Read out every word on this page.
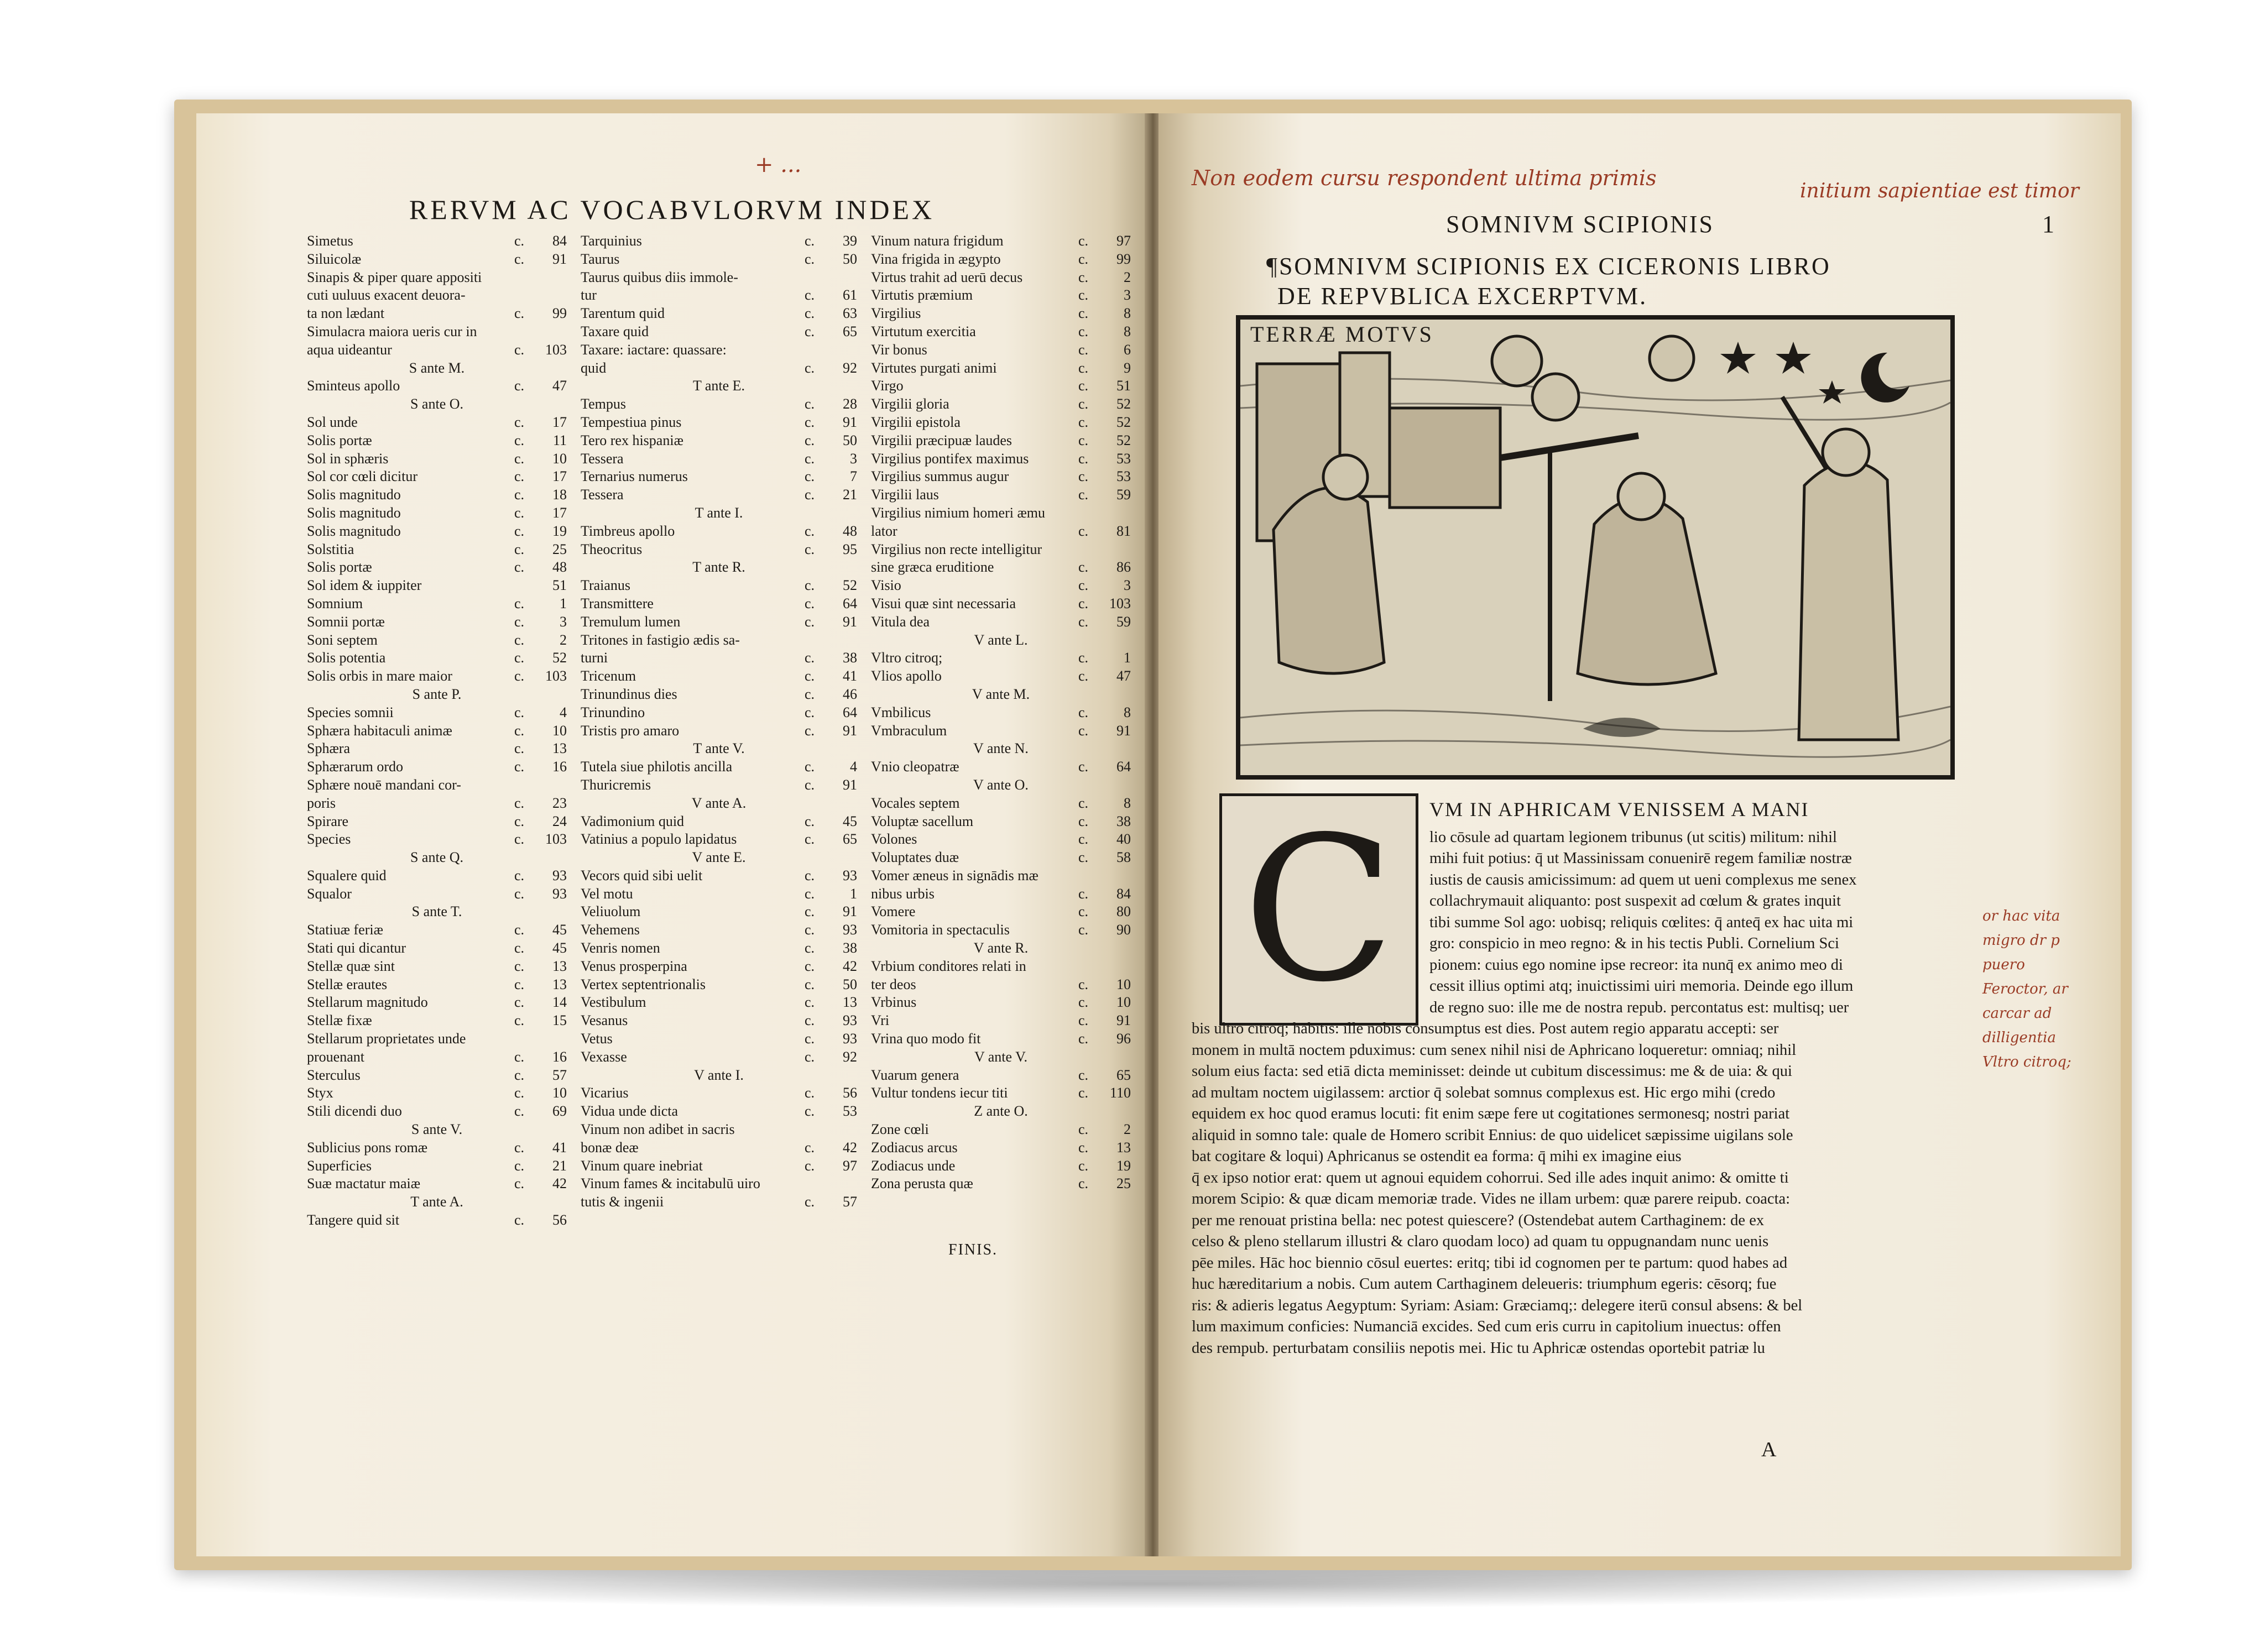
+ ...
RERVM AC VOCABVLORVM INDEX
Simetus	c.	84
Siluicolæ	c.	91
Sinapis & piper quare appositi
cuti uuluus exacent deuora-
ta non lædant	c.	99
Simulacra maiora ueris cur in
aqua uideantur	c.	103
S ante M.
Sminteus apollo	c.	47
S ante O.
Sol unde	c.	17
Solis portæ	c.	11
Sol in sphæris	c.	10
Sol cor cœli dicitur	c.	17
Solis magnitudo	c.	18
Solis magnitudo	c.	17
Solis magnitudo	c.	19
Solstitia	c.	25
Solis portæ	c.	48
Sol idem & iuppiter	51
Somnium	c.	1
Somnii portæ	c.	3
Soni septem	c.	2
Solis potentia	c.	52
Solis orbis in mare maior	c.	103
S ante P.
Species somnii	c.	4
Sphæra habitaculi animæ	c.	10
Sphæra	c.	13
Sphærarum ordo	c.	16
Sphære nouē mandani cor-
poris	c.	23
Spirare	c.	24
Species	c.	103
S ante Q.
Squalere quid	c.	93
Squalor	c.	93
S ante T.
Statiuæ feriæ	c.	45
Stati qui dicantur	c.	45
Stellæ quæ sint	c.	13
Stellæ erautes	c.	13
Stellarum magnitudo	c.	14
Stellæ fixæ	c.	15
Stellarum proprietates unde
prouenant	c.	16
Sterculus	c.	57
Styx	c.	10
Stili dicendi duo	c.	69
S ante V.
Sublicius pons romæ	c.	41
Superficies	c.	21
Suæ mactatur maiæ	c.	42
T ante A.
Tangere quid sit	c.	56
Tarquinius	c.	39
Taurus	c.	50
Taurus quibus diis immole-
tur	c.	61
Tarentum quid	c.	63
Taxare quid	c.	65
Taxare: iactare: quassare:
quid	c.	92
T ante E.
Tempus	c.	28
Tempestiua pinus	c.	91
Tero rex hispaniæ	c.	50
Tessera	c.	3
Ternarius numerus	c.	7
Tessera	c.	21
T ante I.
Timbreus apollo	c.	48
Theocritus	c.	95
T ante R.
Traianus	c.	52
Transmittere	c.	64
Tremulum lumen	c.	91
Tritones in fastigio ædis sa-
turni	c.	38
Tricenum	c.	41
Trinundinus dies	c.	46
Trinundino	c.	64
Tristis pro amaro	c.	91
T ante V.
Tutela siue philotis ancilla	c.	4
Thuricremis	c.	91
V ante A.
Vadimonium quid	c.	45
Vatinius a populo lapidatus	c.	65
V ante E.
Vecors quid sibi uelit	c.	93
Vel motu	c.	1
Veliuolum	c.	91
Vehemens	c.	93
Venris nomen	c.	38
Venus prosperpina	c.	42
Vertex septentrionalis	c.	50
Vestibulum	c.	13
Vesanus	c.	93
Vetus	c.	93
Vexasse	c.	92
V ante I.
Vicarius	c.	56
Vidua unde dicta	c.	53
Vinum non adibet in sacris
bonæ deæ	c.	42
Vinum quare inebriat	c.	97
Vinum fames & incitabulū uiro
tutis & ingenii	c.	57
Vinum natura frigidum	c.	97
Vina frigida in ægypto	c.	99
Virtus trahit ad uerū decus	c.	2
Virtutis præmium	c.	3
Virgilius	c.	8
Virtutum exercitia	c.	8
Vir bonus	c.	6
Virtutes purgati animi	c.	9
Virgo	c.	51
Virgilii gloria	c.	52
Virgilii epistola	c.	52
Virgilii præcipuæ laudes	c.	52
Virgilius pontifex maximus	c.	53
Virgilius summus augur	c.	53
Virgilii laus	c.	59
Virgilius nimium homeri æmu
lator	c.	81
Virgilius non recte intelligitur
sine græca eruditione	c.	86
Visio	c.	3
Visui quæ sint necessaria	c.	103
Vitula dea	c.	59
V ante L.
Vltro citroq;	c.	1
Vlios apollo	c.	47
V ante M.
Vmbilicus	c.	8
Vmbraculum	c.	91
V ante N.
Vnio cleopatræ	c.	64
V ante O.
Vocales septem	c.	8
Voluptæ sacellum	c.	38
Volones	c.	40
Voluptates duæ	c.	58
Vomer æneus in signādis mæ
nibus urbis	c.	84
Vomere	c.	80
Vomitoria in spectaculis	c.	90
V ante R.
Vrbium conditores relati in
ter deos	c.	10
Vrbinus	c.	10
Vri	c.	91
Vrina quo modo fit	c.	96
V ante V.
Vuarum genera	c.	65
Vultur tondens iecur titi	c.	110
Z ante O.
Zone cœli	c.	2
Zodiacus arcus	c.	13
Zodiacus unde	c.	19
Zona perusta quæ	c.	25
FINIS.
Non eodem cursu respondent ultima primis
initium sapientiae est timor
SOMNIVM SCIPIONIS	1
¶SOMNIVM SCIPIONIS EX CICERONIS LIBRO
DE REPVBLICA EXCERPTVM.
TERRÆ MOTVS
C	VM IN APHRICAM VENISSEM A MANI
lio cōsule ad quartam legionem tribunus (ut scitis) militum: nihil
mihi fuit potius: q̄ ut Massinissam conuenirē regem familiæ nostræ
iustis de causis amicissimum: ad quem ut ueni complexus me senex
collachrymauit aliquanto: post suspexit ad cœlum & grates inquit
tibi summe Sol ago: uobisq; reliquis cœlites: q̄ anteq̄ ex hac uita mi
gro: conspicio in meo regno: & in his tectis Publi. Cornelium Sci
pionem: cuius ego nomine ipse recreor: ita nunq̄ ex animo meo di
cessit illius optimi atq; inuictissimi uiri memoria. Deinde ego illum
de regno suo: ille me de nostra repub. percontatus est: multisq; uer
bis ultro citroq; habitis: ille nobis consumptus est dies. Post autem regio apparatu accepti: ser
monem in multā noctem pduximus: cum senex nihil nisi de Aphricano loqueretur: omniaq; nihil
solum eius facta: sed etiā dicta meminisset: deinde ut cubitum discessimus: me & de uia: & qui
ad multam noctem uigilassem: arctior q̄ solebat somnus complexus est. Hic ergo mihi (credo
equidem ex hoc quod eramus locuti: fit enim sæpe fere ut cogitationes sermonesq; nostri pariat
aliquid in somno tale: quale de Homero scribit Ennius: de quo uidelicet sæpissime uigilans sole
bat cogitare & loqui) Aphricanus se ostendit ea forma: q̄ mihi ex imagine eius
q̄ ex ipso notior erat: quem ut agnoui equidem cohorrui. Sed ille ades inquit animo: & omitte ti
morem Scipio: & quæ dicam memoriæ trade. Vides ne illam urbem: quæ parere reipub. coacta:
per me renouat pristina bella: nec potest quiescere? (Ostendebat autem Carthaginem: de ex
celso & pleno stellarum illustri & claro quodam loco) ad quam tu oppugnandam nunc uenis
pēe miles. Hāc hoc biennio cōsul euertes: eritq; tibi id cognomen per te partum: quod habes ad
huc hæreditarium a nobis. Cum autem Carthaginem deleueris: triumphum egeris: cēsorq; fue
ris: & adieris legatus Aegyptum: Syriam: Asiam: Græciamq;: delegere iterū consul absens: & bel
lum maximum conficies: Numanciā excides. Sed cum eris curru in capitolium inuectus: offen
des rempub. perturbatam consiliis nepotis mei. Hic tu Aphricæ ostendas oportebit patriæ lu
or hac vita
migro dr p
puero
Feroctor, ar
carcar ad
dilligentia
Vltro citroq;
A
